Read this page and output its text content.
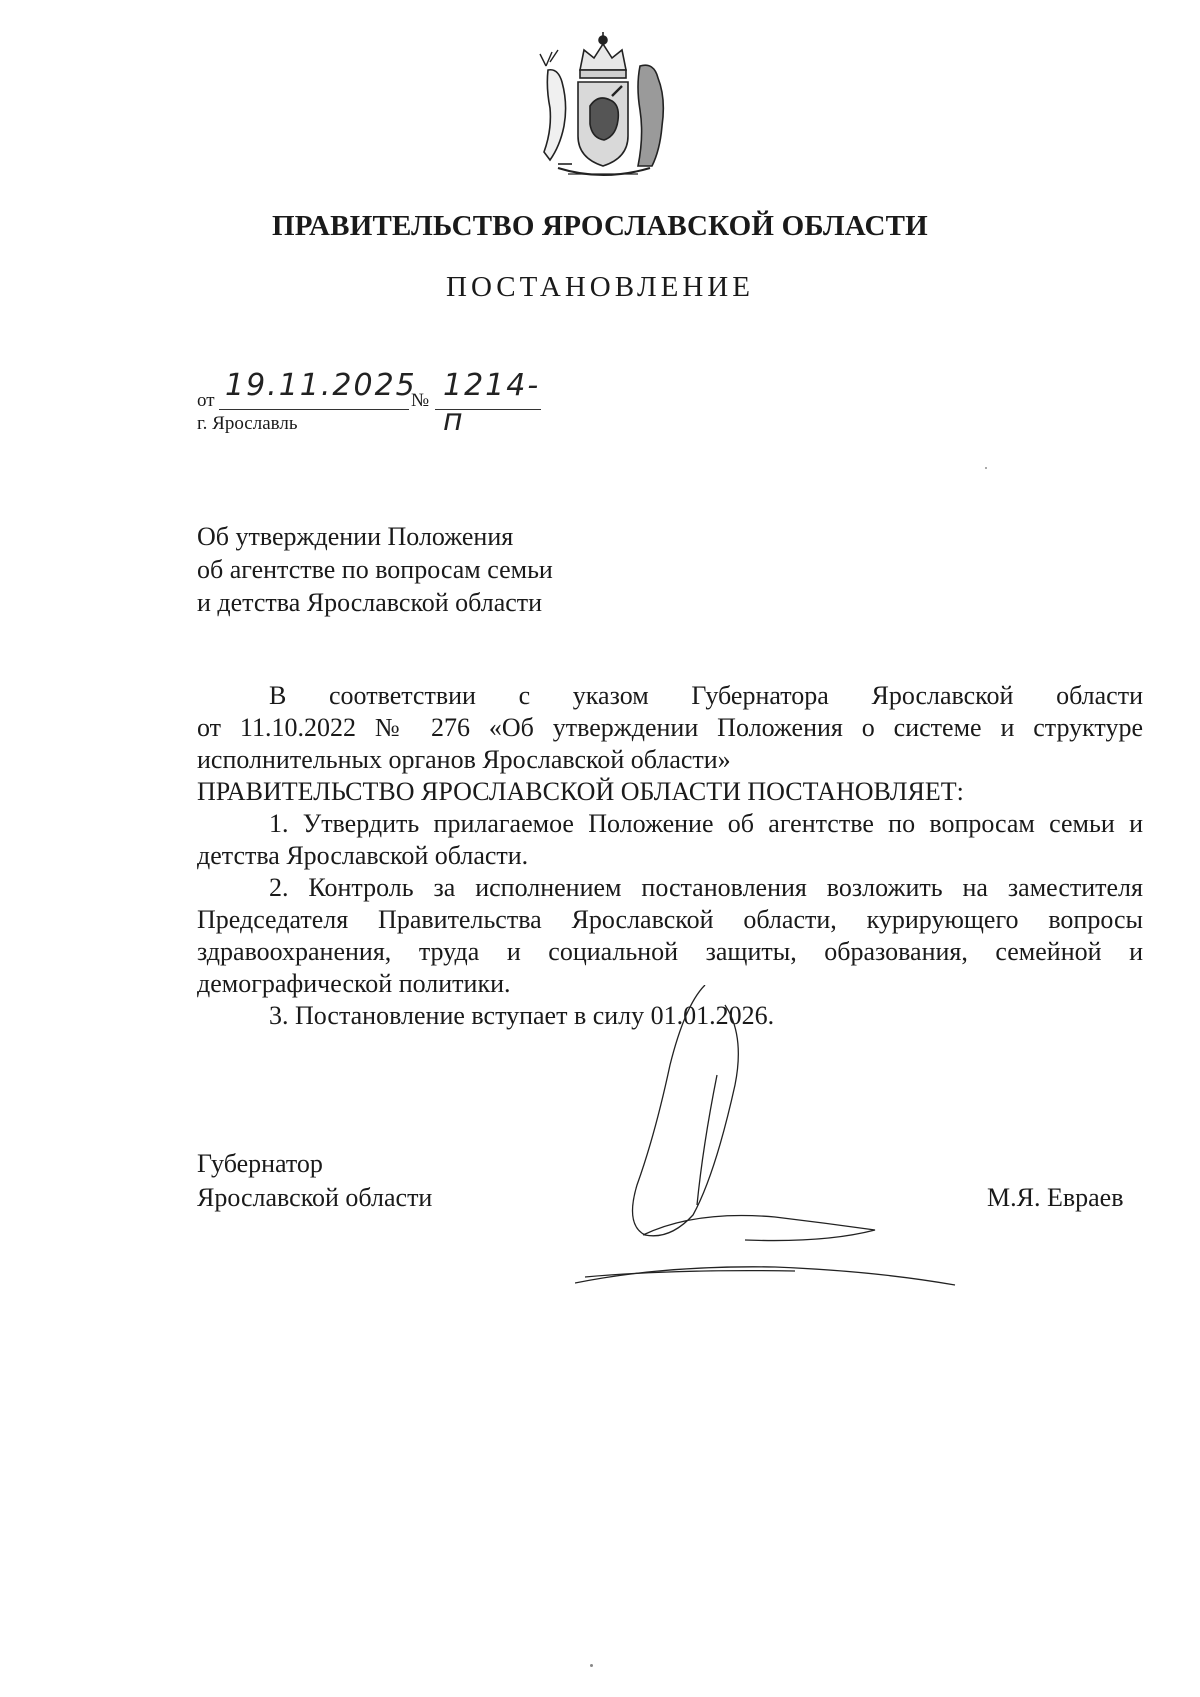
ПРАВИТЕЛЬСТВО ЯРОСЛАВСКОЙ ОБЛАСТИ
ПОСТАНОВЛЕНИЕ
от 19.11.2025
№ 1214-п
г. Ярославль
Об утверждении Положения
об агентстве по вопросам семьи
и детства Ярославской области

В соответствии с указом Губернатора Ярославской области

от 11.10.2022 № 276 «Об утверждении Положения о системе и структуре

исполнительных органов Ярославской области»

ПРАВИТЕЛЬСТВО ЯРОСЛАВСКОЙ ОБЛАСТИ ПОСТАНОВЛЯЕТ:

1. Утвердить прилагаемое Положение об агентстве по вопросам семьи и детства Ярославской области.

2. Контроль за исполнением постановления возложить на заместителя Председателя Правительства Ярославской области, курирующего вопросы здравоохранения, труда и социальной защиты, образования, семейной и демографической политики.

3. Постановление вступает в силу 01.01.2026.

Губернатор
Ярославской области	М.Я. Евраев
